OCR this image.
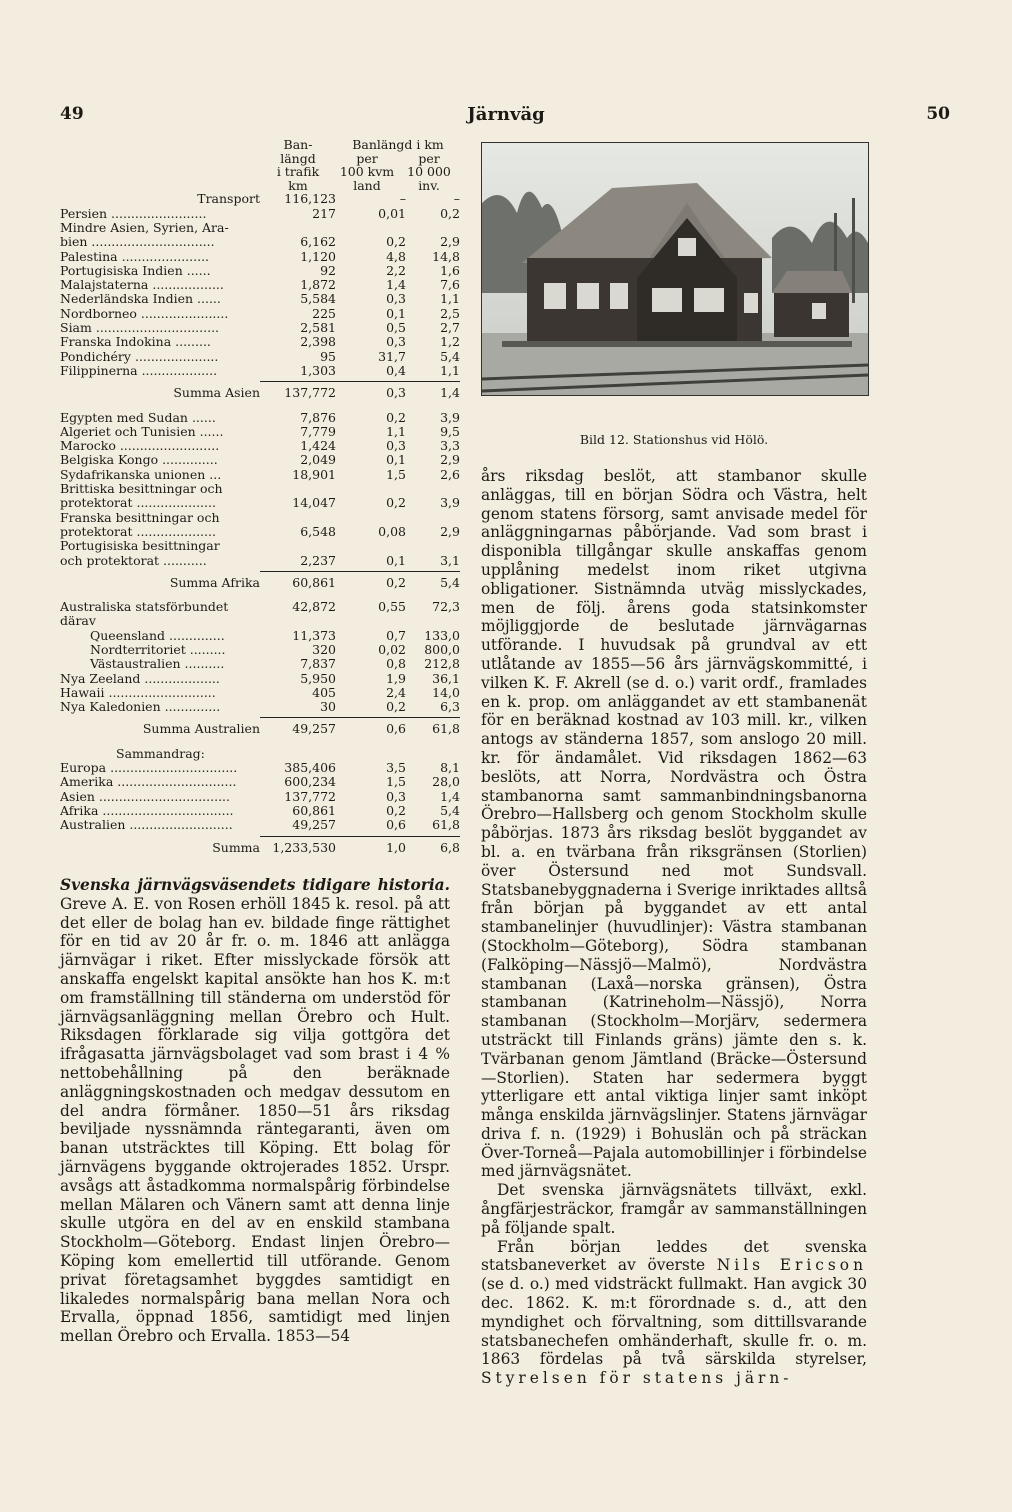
49	Järnväg	50
Ban-
längd
i trafik
km
Banlängd i km
per	per
100 kvm	10 000
land	inv.
Transport	116,123	–	–
Persien ........................	217	0,01	0,2
Mindre Asien, Syrien, Ara-
bien ...............................	6,162	0,2	2,9
Palestina ......................	1,120	4,8	14,8
Portugisiska Indien ......	92	2,2	1,6
Malajstaterna ..................	1,872	1,4	7,6
Nederländska Indien ......	5,584	0,3	1,1
Nordborneo ......................	225	0,1	2,5
Siam ...............................	2,581	0,5	2,7
Franska Indokina .........	2,398	0,3	1,2
Pondichéry .....................	95	31,7	5,4
Filippinerna ...................	1,303	0,4	1,1
Summa Asien	137,772	0,3	1,4
Egypten med Sudan ......	7,876	0,2	3,9
Algeriet och Tunisien ......	7,779	1,1	9,5
Marocko .........................	1,424	0,3	3,3
Belgiska Kongo ..............	2,049	0,1	2,9
Sydafrikanska unionen ...	18,901	1,5	2,6
Brittiska besittningar och
protektorat ....................	14,047	0,2	3,9
Franska besittningar och
protektorat ....................	6,548	0,08	2,9
Portugisiska besittningar
och protektorat ...........	2,237	0,1	3,1
Summa Afrika	60,861	0,2	5,4
Australiska statsförbundet	42,872	0,55	72,3
därav
Queensland ..............	11,373	0,7	133,0
Nordterritoriet .........	320	0,02	800,0
Västaustralien ..........	7,837	0,8	212,8
Nya Zeeland ...................	5,950	1,9	36,1
Hawaii ...........................	405	2,4	14,0
Nya Kaledonien ..............	30	0,2	6,3
Summa Australien	49,257	0,6	61,8
Sammandrag:
Europa ................................	385,406	3,5	8,1
Amerika ..............................	600,234	1,5	28,0
Asien .................................	137,772	0,3	1,4
Afrika .................................	60,861	0,2	5,4
Australien ..........................	49,257	0,6	61,8
Summa 1,233,530	1,0	6,8
Bild 12. Stationshus vid Hölö.

Svenska järnvägsväsendets tidigare historia. Greve A. E. von Rosen erhöll 1845 k. resol. på att det eller de bolag han ev. bildade finge rättighet för en tid av 20 år fr. o. m. 1846 att anlägga järnvägar i riket. Efter misslyckade försök att anskaffa engelskt kapital ansökte han hos K. m:t om framställning till ständerna om understöd för järnvägsanläggning mellan Örebro och Hult. Riksdagen förklarade sig vilja gottgöra det ifrågasatta järnvägsbolaget vad som brast i 4 % nettobehållning på den beräknade anläggningskostnaden och medgav dessutom en del andra förmåner. 1850—51 års riksdag beviljade nyssnämnda räntegaranti, även om banan utsträcktes till Köping. Ett bolag för järnvägens byggande oktrojerades 1852. Urspr. avsågs att åstadkomma normalspårig förbindelse mellan Mälaren och Vänern samt att denna linje skulle utgöra en del av en enskild stambana Stockholm—Göteborg. Endast linjen Örebro—Köping kom emellertid till utförande. Genom privat företagsamhet byggdes samtidigt en likaledes normalspårig bana mellan Nora och Ervalla, öppnad 1856, samtidigt med linjen mellan Örebro och Ervalla. 1853—54

års riksdag beslöt, att stambanor skulle anläggas, till en början Södra och Västra, helt genom statens försorg, samt anvisade medel för anläggningarnas påbörjande. Vad som brast i disponibla tillgångar skulle anskaffas genom upplåning medelst inom riket utgivna obligationer. Sistnämnda utväg misslyckades, men de följ. årens goda statsinkomster möjliggjorde de beslutade järnvägarnas utförande. I huvudsak på grundval av ett utlåtande av 1855—56 års järnvägskommitté, i vilken K. F. Akrell (se d. o.) varit ordf., framlades en k. prop. om anläggandet av ett stambanenät för en beräknad kostnad av 103 mill. kr., vilken antogs av ständerna 1857, som anslogo 20 mill. kr. för ändamålet. Vid riksdagen 1862—63 beslöts, att Norra, Nordvästra och Östra stambanorna samt sammanbindningsbanorna Örebro—Hallsberg och genom Stockholm skulle påbörjas. 1873 års riksdag beslöt byggandet av bl. a. en tvärbana från riksgränsen (Storlien) över Östersund ned mot Sundsvall. Statsbanebyggnaderna i Sverige inriktades alltså från början på byggandet av ett antal stambanelinjer (huvudlinjer): Västra stambanan (Stockholm—Göteborg), Södra stambanan (Falköping—Nässjö—Malmö), Nordvästra stambanan (Laxå—norska gränsen), Östra stambanan (Katrineholm—Nässjö), Norra stambanan (Stockholm—Morjärv, sedermera utsträckt till Finlands gräns) jämte den s. k. Tvärbanan genom Jämtland (Bräcke—Östersund—Storlien). Staten har sedermera byggt ytterligare ett antal viktiga linjer samt inköpt många enskilda järnvägslinjer. Statens järnvägar driva f. n. (1929) i Bohuslän och på sträckan Över-Torneå—Pajala automobillinjer i förbindelse med järnvägsnätet.

Det svenska järnvägsnätets tillväxt, exkl. ångfärjesträckor, framgår av sammanställningen på följande spalt.

Från början leddes det svenska statsbaneverket av överste Nils Ericson (se d. o.) med vidsträckt fullmakt. Han avgick 30 dec. 1862. K. m:t förordnade s. d., att den myndighet och förvaltning, som dittillsvarande statsbanechefen omhänderhaft, skulle fr. o. m. 1863 fördelas på två särskilda styrelser, Styrelsen för statens järn-
